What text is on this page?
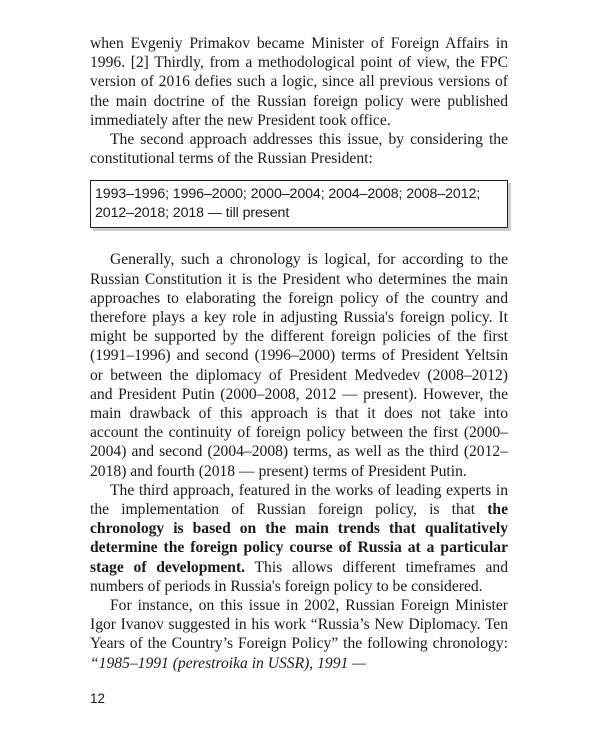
when Evgeniy Primakov became Minister of Foreign Affairs in 1996. [2] Thirdly, from a methodological point of view, the FPC version of 2016 defies such a logic, since all previous versions of the main doctrine of the Russian foreign policy were published immediately after the new President took office.

The second approach addresses this issue, by considering the constitutional terms of the Russian President:

1993–1996; 1996–2000; 2000–2004; 2004–2008; 2008–2012;
2012–2018; 2018 — till present

Generally, such a chronology is logical, for according to the Russian Constitution it is the President who determines the main approaches to elaborating the foreign policy of the country and therefore plays a key role in adjusting Russia's foreign policy. It might be supported by the different foreign policies of the first (1991–1996) and second (1996–2000) terms of President Yeltsin or between the diplomacy of President Medvedev (2008–2012) and President Putin (2000–2008, 2012 — present). However, the main drawback of this approach is that it does not take into account the continuity of foreign policy between the first (2000–2004) and second (2004–2008) terms, as well as the third (2012–2018) and fourth (2018 — present) terms of President Putin.

The third approach, featured in the works of leading experts in the implementation of Russian foreign policy, is that the chronology is based on the main trends that qualitatively determine the foreign policy course of Russia at a particular stage of development. This allows different timeframes and numbers of periods in Russia's foreign policy to be considered.

For instance, on this issue in 2002, Russian Foreign Minister Igor Ivanov suggested in his work “Russia’s New Diplomacy. Ten Years of the Country’s Foreign Policy” the following chronology: “1985–1991 (perestroika in USSR), 1991 —

12
